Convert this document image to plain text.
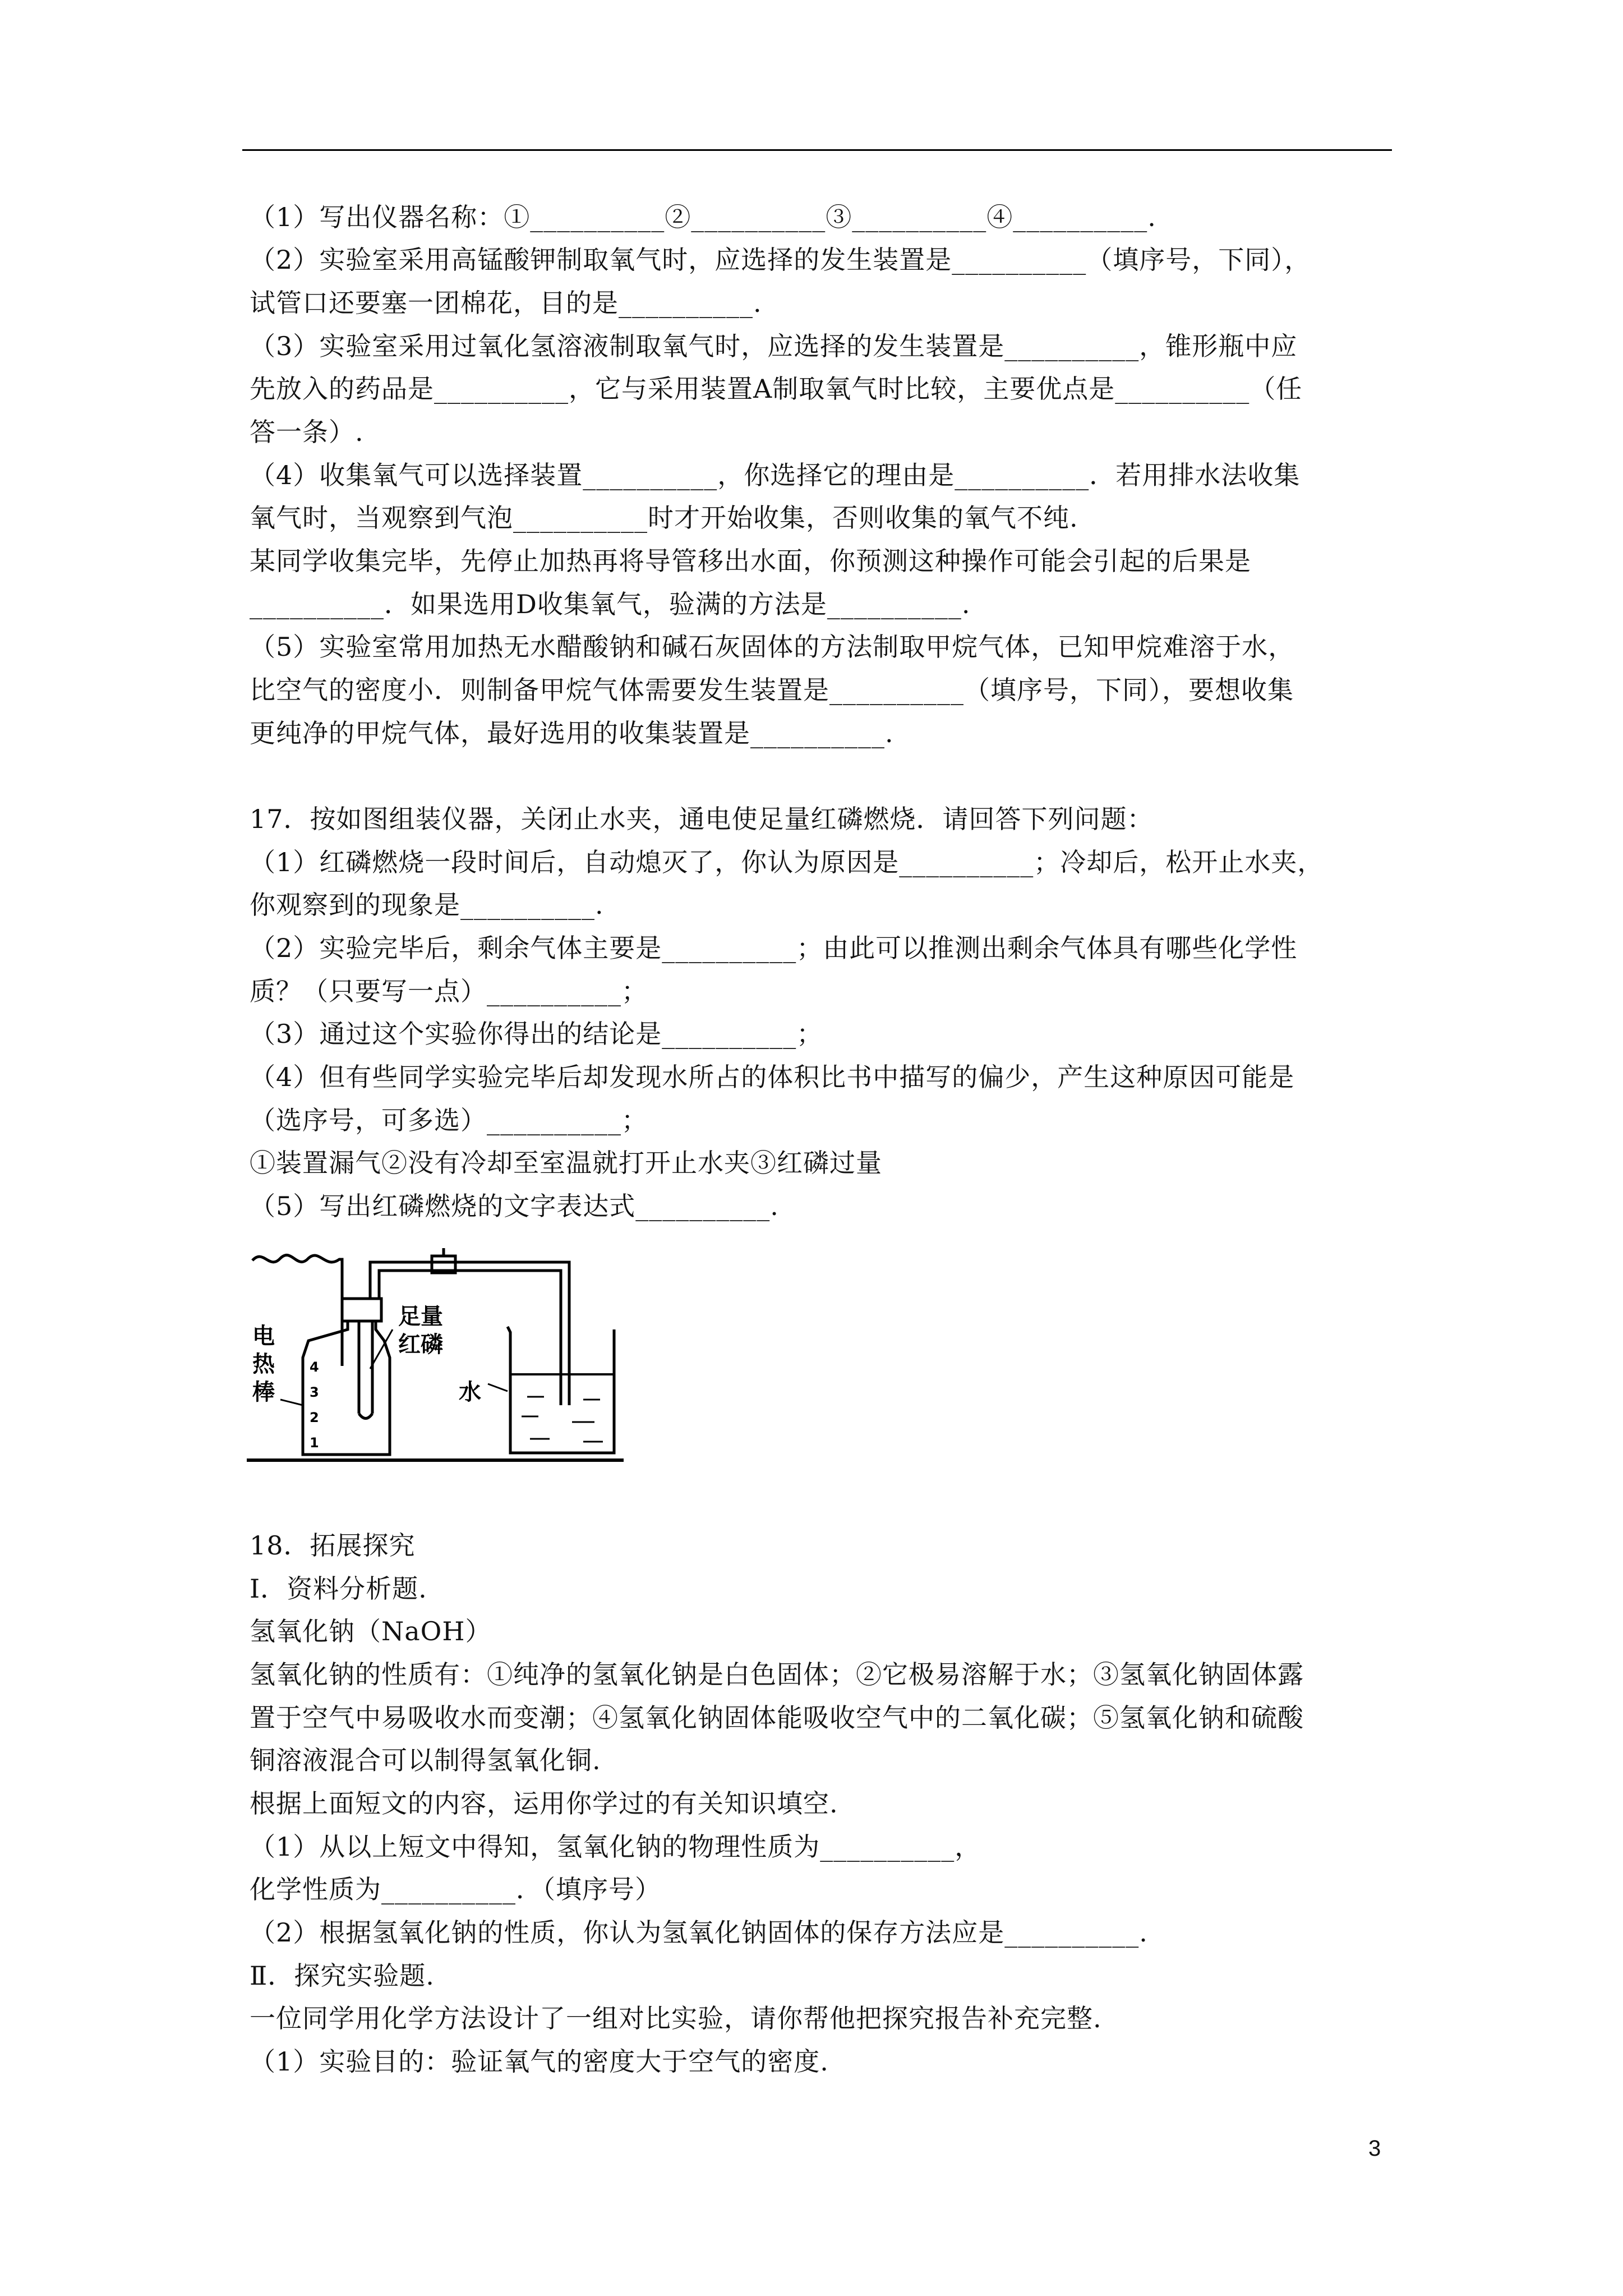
（1）写出仪器名称：①__________②__________③__________④__________.
（2）实验室采用高锰酸钾制取氧气时，应选择的发生装置是__________（填序号，下同），
试管口还要塞一团棉花，目的是__________.
（3）实验室采用过氧化氢溶液制取氧气时，应选择的发生装置是__________，锥形瓶中应
先放入的药品是__________，它与采用装置A制取氧气时比较，主要优点是__________（任
答一条）.
（4）收集氧气可以选择装置__________，你选择它的理由是__________．若用排水法收集
氧气时，当观察到气泡__________时才开始收集，否则收集的氧气不纯.
某同学收集完毕，先停止加热再将导管移出水面，你预测这种操作可能会引起的后果是
__________．如果选用D收集氧气，验满的方法是__________.
（5）实验室常用加热无水醋酸钠和碱石灰固体的方法制取甲烷气体，已知甲烷难溶于水，
比空气的密度小．则制备甲烷气体需要发生装置是__________（填序号，下同），要想收集
更纯净的甲烷气体，最好选用的收集装置是__________.
17．按如图组装仪器，关闭止水夹，通电使足量红磷燃烧．请回答下列问题：
（1）红磷燃烧一段时间后，自动熄灭了，你认为原因是__________；冷却后，松开止水夹，
你观察到的现象是__________.
（2）实验完毕后，剩余气体主要是__________；由此可以推测出剩余气体具有哪些化学性
质？（只要写一点）__________；
（3）通过这个实验你得出的结论是__________；
（4）但有些同学实验完毕后却发现水所占的体积比书中描写的偏少，产生这种原因可能是
（选序号，可多选）__________；
①装置漏气②没有冷却至室温就打开止水夹③红磷过量
（5）写出红磷燃烧的文字表达式__________.
电
热
棒
足量
红磷
水
4
3
2
1
18．拓展探究
Ⅰ．资料分析题.
氢氧化钠（NaOH）
氢氧化钠的性质有：①纯净的氢氧化钠是白色固体；②它极易溶解于水；③氢氧化钠固体露
置于空气中易吸收水而变潮；④氢氧化钠固体能吸收空气中的二氧化碳；⑤氢氧化钠和硫酸
铜溶液混合可以制得氢氧化铜.
根据上面短文的内容，运用你学过的有关知识填空.
（1）从以上短文中得知，氢氧化钠的物理性质为__________，
化学性质为__________．（填序号）
（2）根据氢氧化钠的性质，你认为氢氧化钠固体的保存方法应是__________.
Ⅱ．探究实验题.
一位同学用化学方法设计了一组对比实验，请你帮他把探究报告补充完整.
（1）实验目的：验证氧气的密度大于空气的密度.
3
